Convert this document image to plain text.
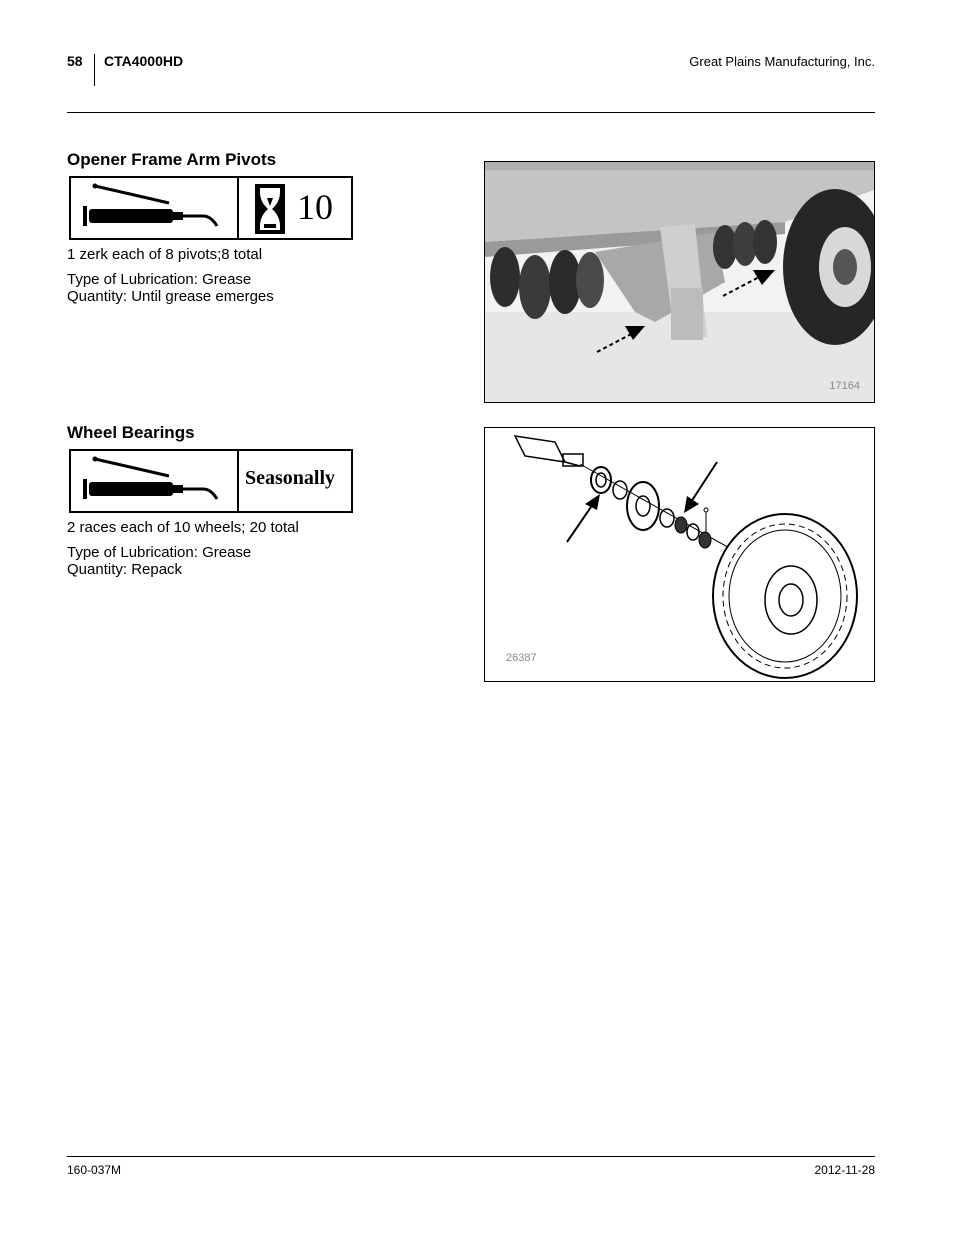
58 CTA4000HD	Great Plains Manufacturing, Inc.
Opener Frame Arm Pivots
10
1 zerk each of 8 pivots;8 total
Type of Lubrication: Grease
Quantity: Until grease emerges
17164
Wheel Bearings
Seasonally
2 races each of 10 wheels; 20 total
Type of Lubrication: Grease
Quantity: Repack
26387
160-037M	2012-11-28
